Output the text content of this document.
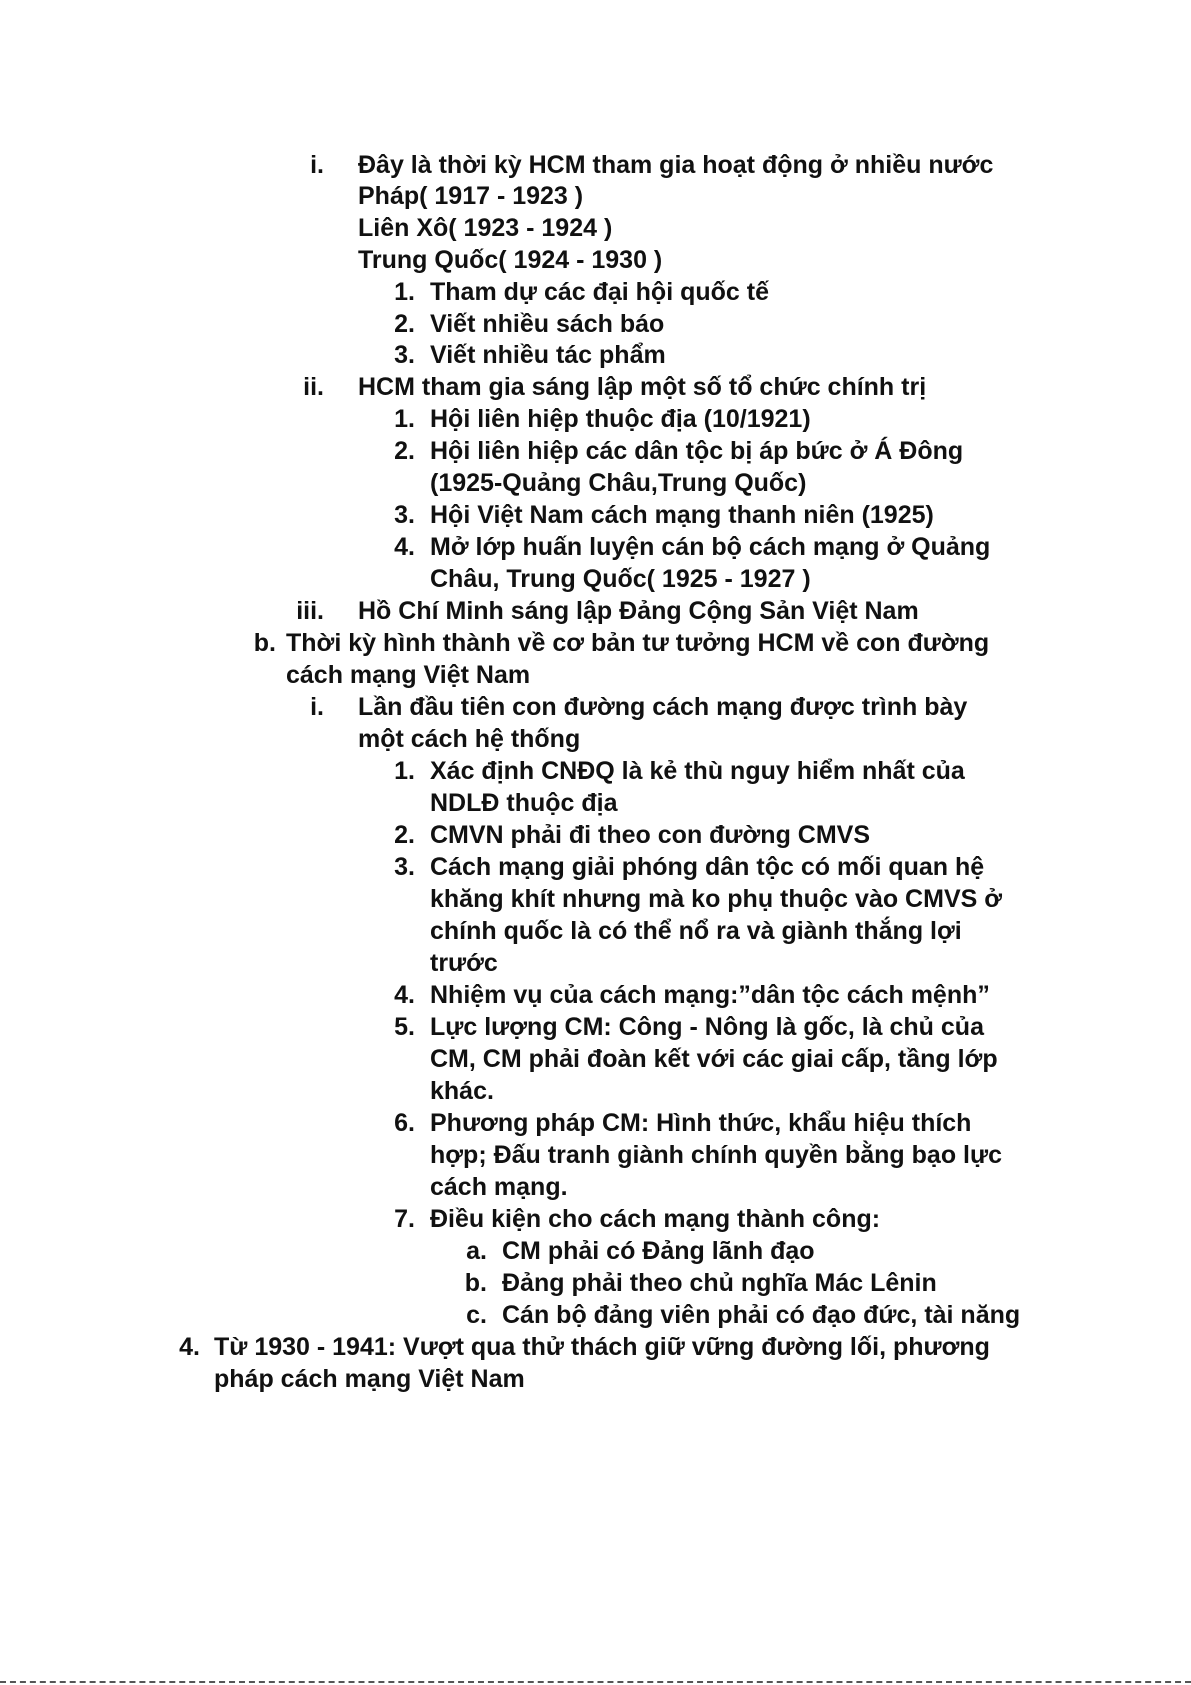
i. Đây là thời kỳ HCM tham gia hoạt động ở nhiều nước
Pháp( 1917 - 1923 )
Liên Xô( 1923 - 1924 )
Trung Quốc( 1924 - 1930 )
1. Tham dự các đại hội quốc tế
2. Viết nhiều sách báo
3. Viết nhiều tác phẩm
ii. HCM tham gia sáng lập một số tổ chức chính trị
1. Hội liên hiệp thuộc địa (10/1921)
2. Hội liên hiệp các dân tộc bị áp bức ở Á Đông
(1925-Quảng Châu,Trung Quốc)
3. Hội Việt Nam cách mạng thanh niên (1925)
4. Mở lớp huấn luyện cán bộ cách mạng ở Quảng
Châu, Trung Quốc( 1925 - 1927 )
iii. Hồ Chí Minh sáng lập Đảng Cộng Sản Việt Nam
b. Thời kỳ hình thành về cơ bản tư tưởng HCM về con đường
cách mạng Việt Nam
i. Lần đầu tiên con đường cách mạng được trình bày
một cách hệ thống
1. Xác định CNĐQ là kẻ thù nguy hiểm nhất của
NDLĐ thuộc địa
2. CMVN phải đi theo con đường CMVS
3. Cách mạng giải phóng dân tộc có mối quan hệ
khăng khít nhưng mà ko phụ thuộc vào CMVS ở
chính quốc là có thể nổ ra và giành thắng lợi
trước
4. Nhiệm vụ của cách mạng:”dân tộc cách mệnh”
5. Lực lượng CM: Công - Nông là gốc, là chủ của
CM, CM phải đoàn kết với các giai cấp, tầng lớp
khác.
6. Phương pháp CM: Hình thức, khẩu hiệu thích
hợp; Đấu tranh giành chính quyền bằng bạo lực
cách mạng.
7. Điều kiện cho cách mạng thành công:
a. CM phải có Đảng lãnh đạo
b. Đảng phải theo chủ nghĩa Mác Lênin
c. Cán bộ đảng viên phải có đạo đức, tài năng
4. Từ 1930 - 1941: Vượt qua thử thách giữ vững đường lối, phương
pháp cách mạng Việt Nam
